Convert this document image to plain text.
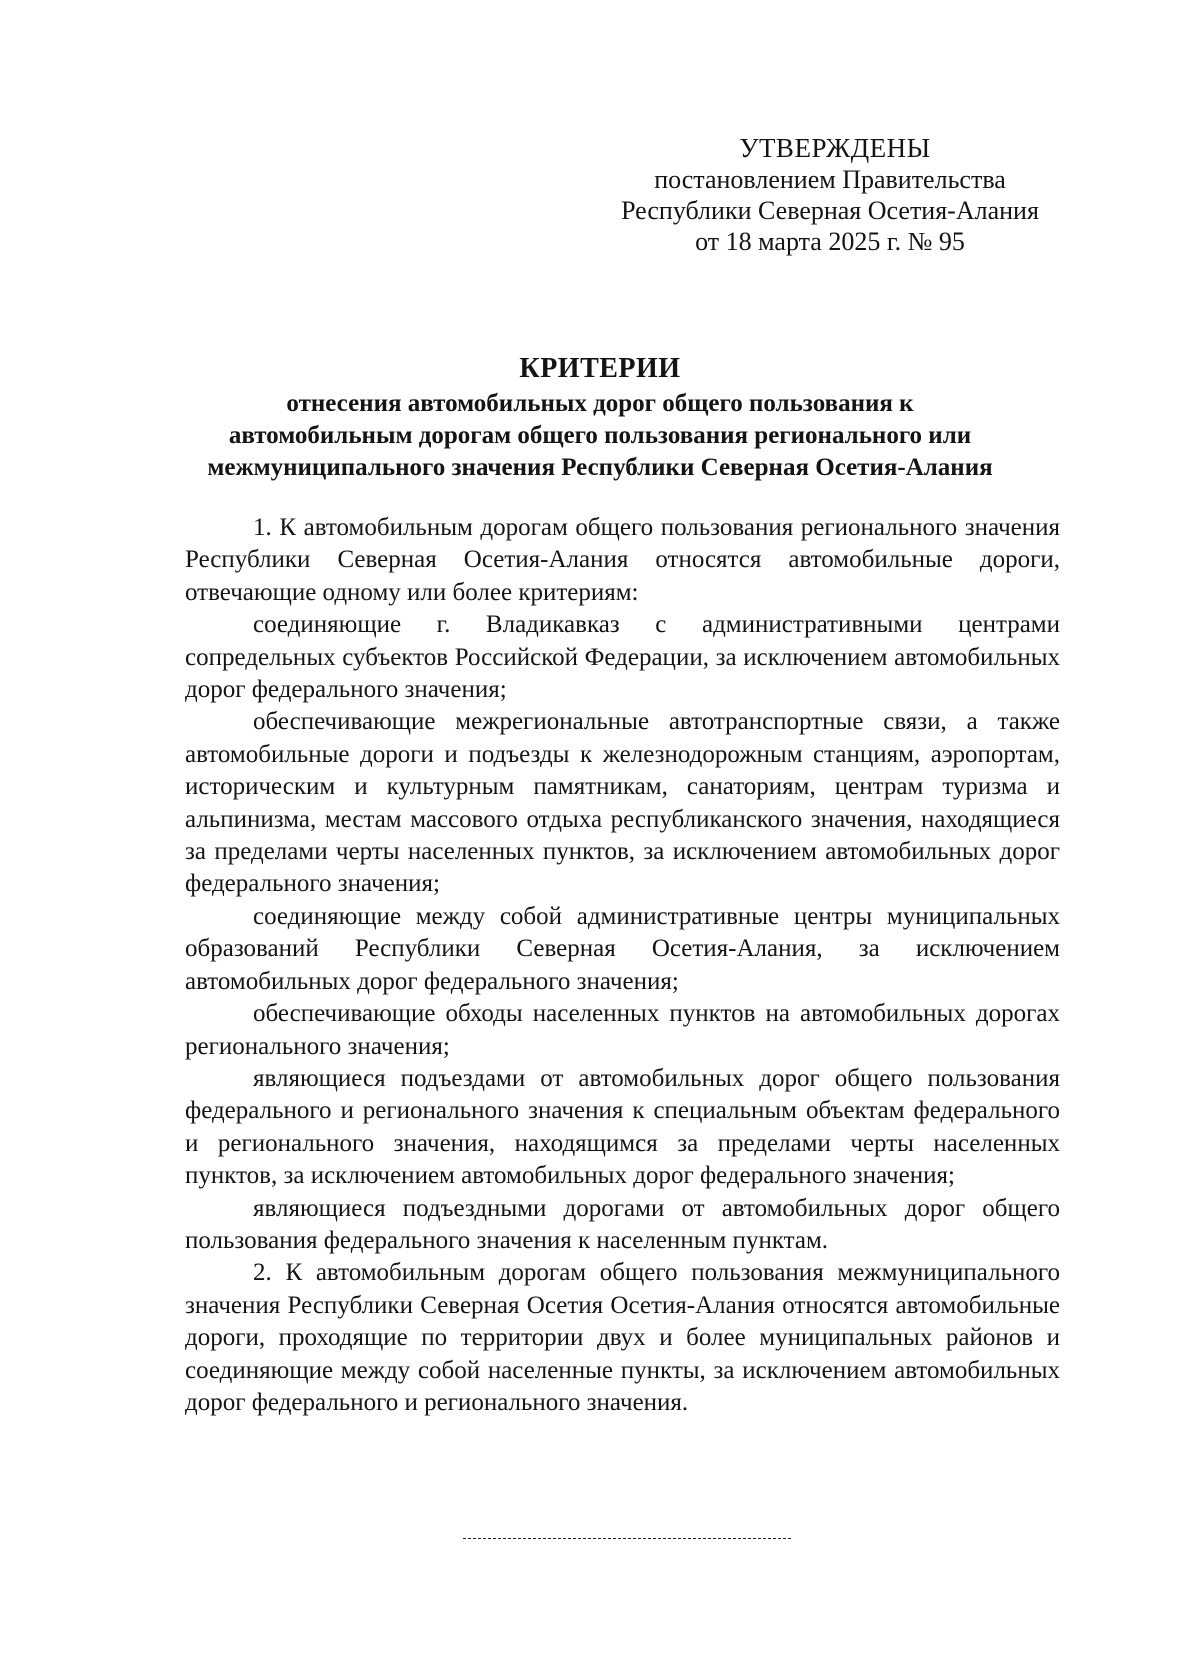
УТВЕРЖДЕНЫ
постановлением Правительства
Республики Северная Осетия-Алания
от 18 марта 2025 г. № 95
КРИТЕРИИ
отнесения автомобильных дорог общего пользования к
автомобильным дорогам общего пользования регионального или
межмуниципального значения Республики Северная Осетия-Алания

1. К автомобильным дорогам общего пользования регионального значения Республики Северная Осетия-Алания относятся автомобильные дороги, отвечающие одному или более критериям:

соединяющие г. Владикавказ с административными центрами сопредельных субъектов Российской Федерации, за исключением автомобильных дорог федерального значения;

обеспечивающие межрегиональные автотранспортные связи, а также автомобильные дороги и подъезды к железнодорожным станциям, аэропортам, историческим и культурным памятникам, санаториям, центрам туризма и альпинизма, местам массового отдыха республиканского значения, находящиеся за пределами черты населенных пунктов, за исключением автомобильных дорог федерального значения;

соединяющие между собой административные центры муниципальных образований Республики Северная Осетия-Алания, за исключением автомобильных дорог федерального значения;

обеспечивающие обходы населенных пунктов на автомобильных дорогах регионального значения;

являющиеся подъездами от автомобильных дорог общего пользования федерального и регионального значения к специальным объектам федерального и регионального значения, находящимся за пределами черты населенных пунктов, за исключением автомобильных дорог федерального значения;

являющиеся подъездными дорогами от автомобильных дорог общего пользования федерального значения к населенным пунктам.

2. К автомобильным дорогам общего пользования межмуниципального значения Республики Северная Осетия Осетия-Алания относятся автомобильные дороги, проходящие по территории двух и более муниципальных районов и соединяющие между собой населенные пункты, за исключением автомобильных дорог федерального и регионального значения.
